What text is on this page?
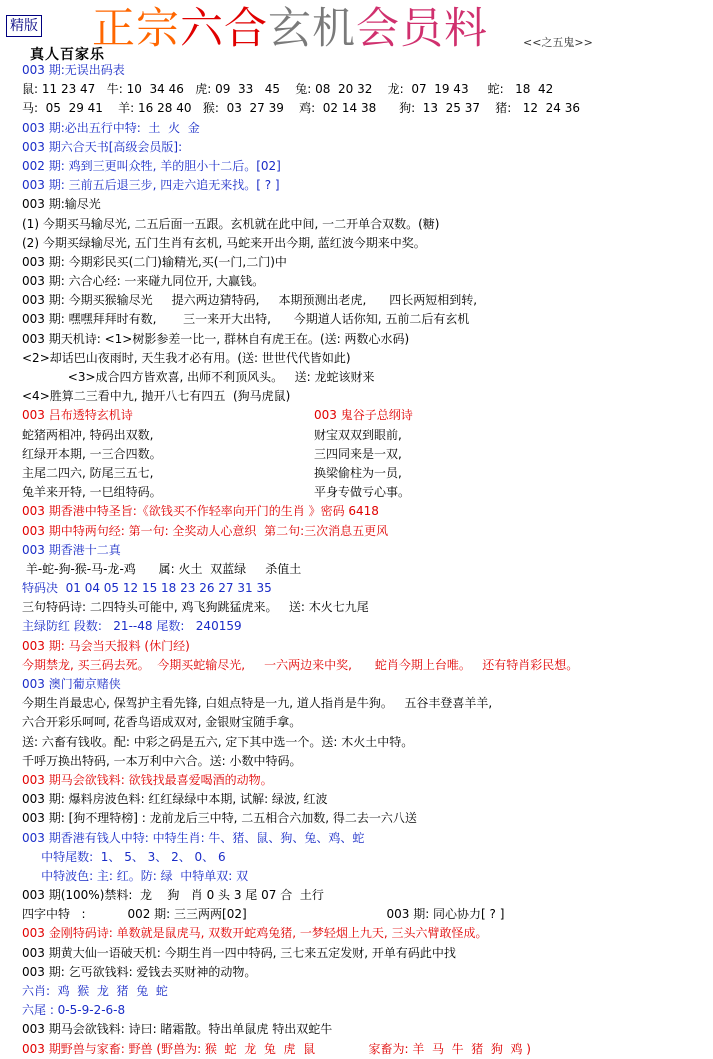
精版 正宗六合玄机会员料	<<之五鬼>>
真人百家乐
003 期:无误出码表
鼠: 11 23 47   牛: 10  34 46   虎: 09  33   45    兔: 08  20 32    龙:  07  19 43     蛇:   18  42
马:  05  29 41    羊: 16 28 40   猴:  03  27 39    鸡:  02 14 38      狗:  13  25 37    猪:   12  24 36
003 期:必出五行中特:  土  火  金
003 期六合天书[高级会员版]:
002 期: 鸡到三更叫众牲, 羊的胆小十二后。[02]
003 期: 三前五后退三步, 四走六追无来找。[ ? ]
003 期:输尽光
(1) 今期买马输尽光, 二五后面一五跟。玄机就在此中间, 一二开单合双数。(糖)
(2) 今期买绿输尽光, 五门生肖有玄机, 马蛇来开出今期, 蓝红波今期来中奖。
003 期: 今期彩民买(二门)输精光,买(一门,二门)中
003 期: 六合心经: 一来碰九同位开, 大赢钱。
003 期: 今期买猴输尽光     提六两边猜特码,     本期预测出老虎,      四长两短相到转,
003 期: 嘿嘿拜拜时有数,       三一来开大出特,      今期道人话你知, 五前二后有玄机
003 期天机诗: <1>树影参差一比一, 群林自有虎王在。(送: 两数心水码)
<2>却话巴山夜雨时, 天生我才必有用。(送: 世世代代皆如此)
<3>成合四方皆欢喜, 出师不利顶风头。   送: 龙蛇该财来
<4>胜算二三看中九, 抛开八七有四五  (狗马虎鼠)
003 吕布透特玄机诗	003 鬼谷子总纲诗
蛇猪两相冲, 特码出双数,	财宝双双到眼前,
红绿开本期, 一三合四数。	三四同来是一双,
主尾二四六, 防尾三五七,	换梁偷柱为一员,
兔羊来开特, 一巳组特码。	平身专做亏心事。
003 期香港中特圣旨:《欲钱买不作轻率向开门的生肖 》密码 6418
003 期中特两句经: 第一句: 全奖动人心意织  第二句:三次消息五更风
003 期香港十二真
羊-蛇-狗-猴-马-龙-鸡      属: 火土  双蓝绿     杀值土
特码决  01 04 05 12 15 18 23 26 27 31 35
三句特码诗: 二四特头可能中, 鸡飞狗跳猛虎来。   送: 木火七九尾
主绿防红 段数:   21--48 尾数:   240159
003 期: 马会当天报料 (休门经)
今期禁龙, 买三码去死。  今期买蛇输尽光,     一六两边来中奖,      蛇肖今期上台唯。   还有特肖彩民想。
003 澳门葡京赌侠
今期生肖最忠心, 保驾护主看先锋, 白姐点特是一九, 道人指肖是牛狗。   五谷丰登喜羊羊,
六合开彩乐呵呵, 花香鸟语成双对, 金银财宝随手拿。
送: 六畜有钱收。配: 中彩之码是五六, 定下其中选一个。送: 木火土中特。
千呼万换出特码, 一本万利中六合。送: 小数中特码。
003 期马会欲钱料: 欲钱找最喜爱喝酒的动物。
003 期: 爆料房波色料: 红红绿绿中本期, 试解: 绿波, 红波
003 期: [狗不理特榜] : 龙前龙后三中特, 二五相合六加数, 得二去一六八送
003 期香港有钱人中特: 中特生肖: 牛、猪、鼠、狗、兔、鸡、蛇
中特尾数:  1、 5、 3、 2、 0、 6
中特波色: 主: 红。防: 绿  中特单双: 双
003 期(100%)禁料:  龙    狗   肖 0 头 3 尾 07 合  土行
四字中特   :           002 期: 三三两两[02]	003 期: 同心协力[ ? ]
003 金刚特码诗: 单数就是鼠虎马, 双数开蛇鸡兔猪, 一梦轻烟上九天, 三头六臂敢怪成。
003 期黄大仙一语破天机: 今期生肖一四中特码, 三七来五定发财, 开单有码此中找
003 期: 乞丐欲钱料: 爱钱去买财神的动物。
六肖:  鸡  猴  龙  猪  兔  蛇
六尾 : 0-5-9-2-6-8
003 期马会欲钱料: 诗曰: 睹霜散。特出单鼠虎 特出双蛇牛
003 期野兽与家畜: 野兽 (野兽为: 猴  蛇  龙  兔  虎  鼠              家畜为: 羊  马  牛  猪  狗  鸡 )
